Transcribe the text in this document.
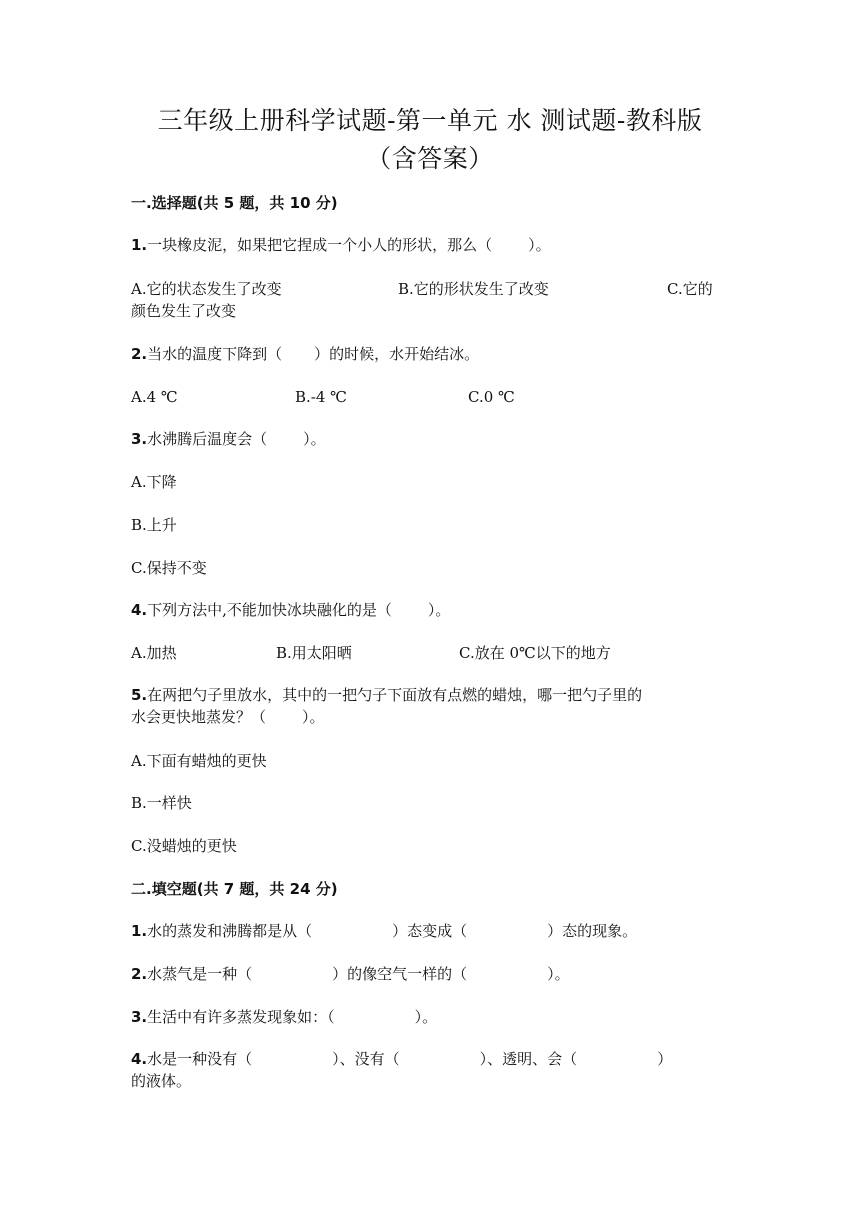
三年级上册科学试题-第一单元 水 测试题-教科版
（含答案）
一.选择题(共 5 题，共 10 分)
1.一块橡皮泥，如果把它捏成一个小人的形状，那么（ ）。
A.它的状态发生了改变	B.它的形状发生了改变	C.它的
颜色发生了改变
2.当水的温度下降到（ ）的时候，水开始结冰。
A.4 ℃	B.-4 ℃	C.0 ℃
3.水沸腾后温度会（ ）。
A.下降
B.上升
C.保持不变
4.下列方法中,不能加快冰块融化的是（ ）。
A.加热	B.用太阳晒	C.放在 0℃以下的地方
5.在两把勺子里放水，其中的一把勺子下面放有点燃的蜡烛，哪一把勺子里的
水会更快地蒸发？（ ）。
A.下面有蜡烛的更快
B.一样快
C.没蜡烛的更快
二.填空题(共 7 题，共 24 分)
1.水的蒸发和沸腾都是从（	）态变成（	）态的现象。
2.水蒸气是一种（	）的像空气一样的（	）。
3.生活中有许多蒸发现象如：（	）。
4.水是一种没有（	）、没有（	）、透明、会（	）
的液体。
